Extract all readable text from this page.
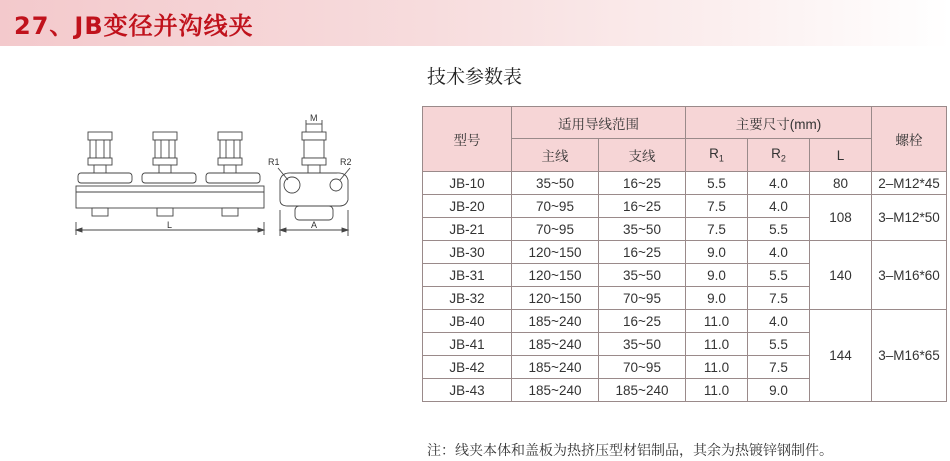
27、JB变径并沟线夹
M
R1	R2
L	A
技术参数表
型号	适用导线范围		主要尺寸(mm)			螺栓
	主线	支线	$R_1$	$R_2$	L	
JB-10	35~50	16~25	5.5	4.0	80	2–M12*45
JB-20	70~95	16~25	7.5	4.0	108	3–M12*50
JB-21	70~95	35~50	7.5	5.5		
JB-30	120~150	16~25	9.0	4.0	140	3–M16*60
JB-31	120~150	35~50	9.0	5.5		
JB-32	120~150	70~95	9.0	7.5		
JB-40	185~240	16~25	11.0	4.0	144	3–M16*65
JB-41	185~240	35~50	11.0	5.5		
JB-42	185~240	70~95	11.0	7.5		
JB-43	185~240	185~240	11.0	9.0		
注：线夹本体和盖板为热挤压型材铝制品，其余为热镀锌钢制件。
